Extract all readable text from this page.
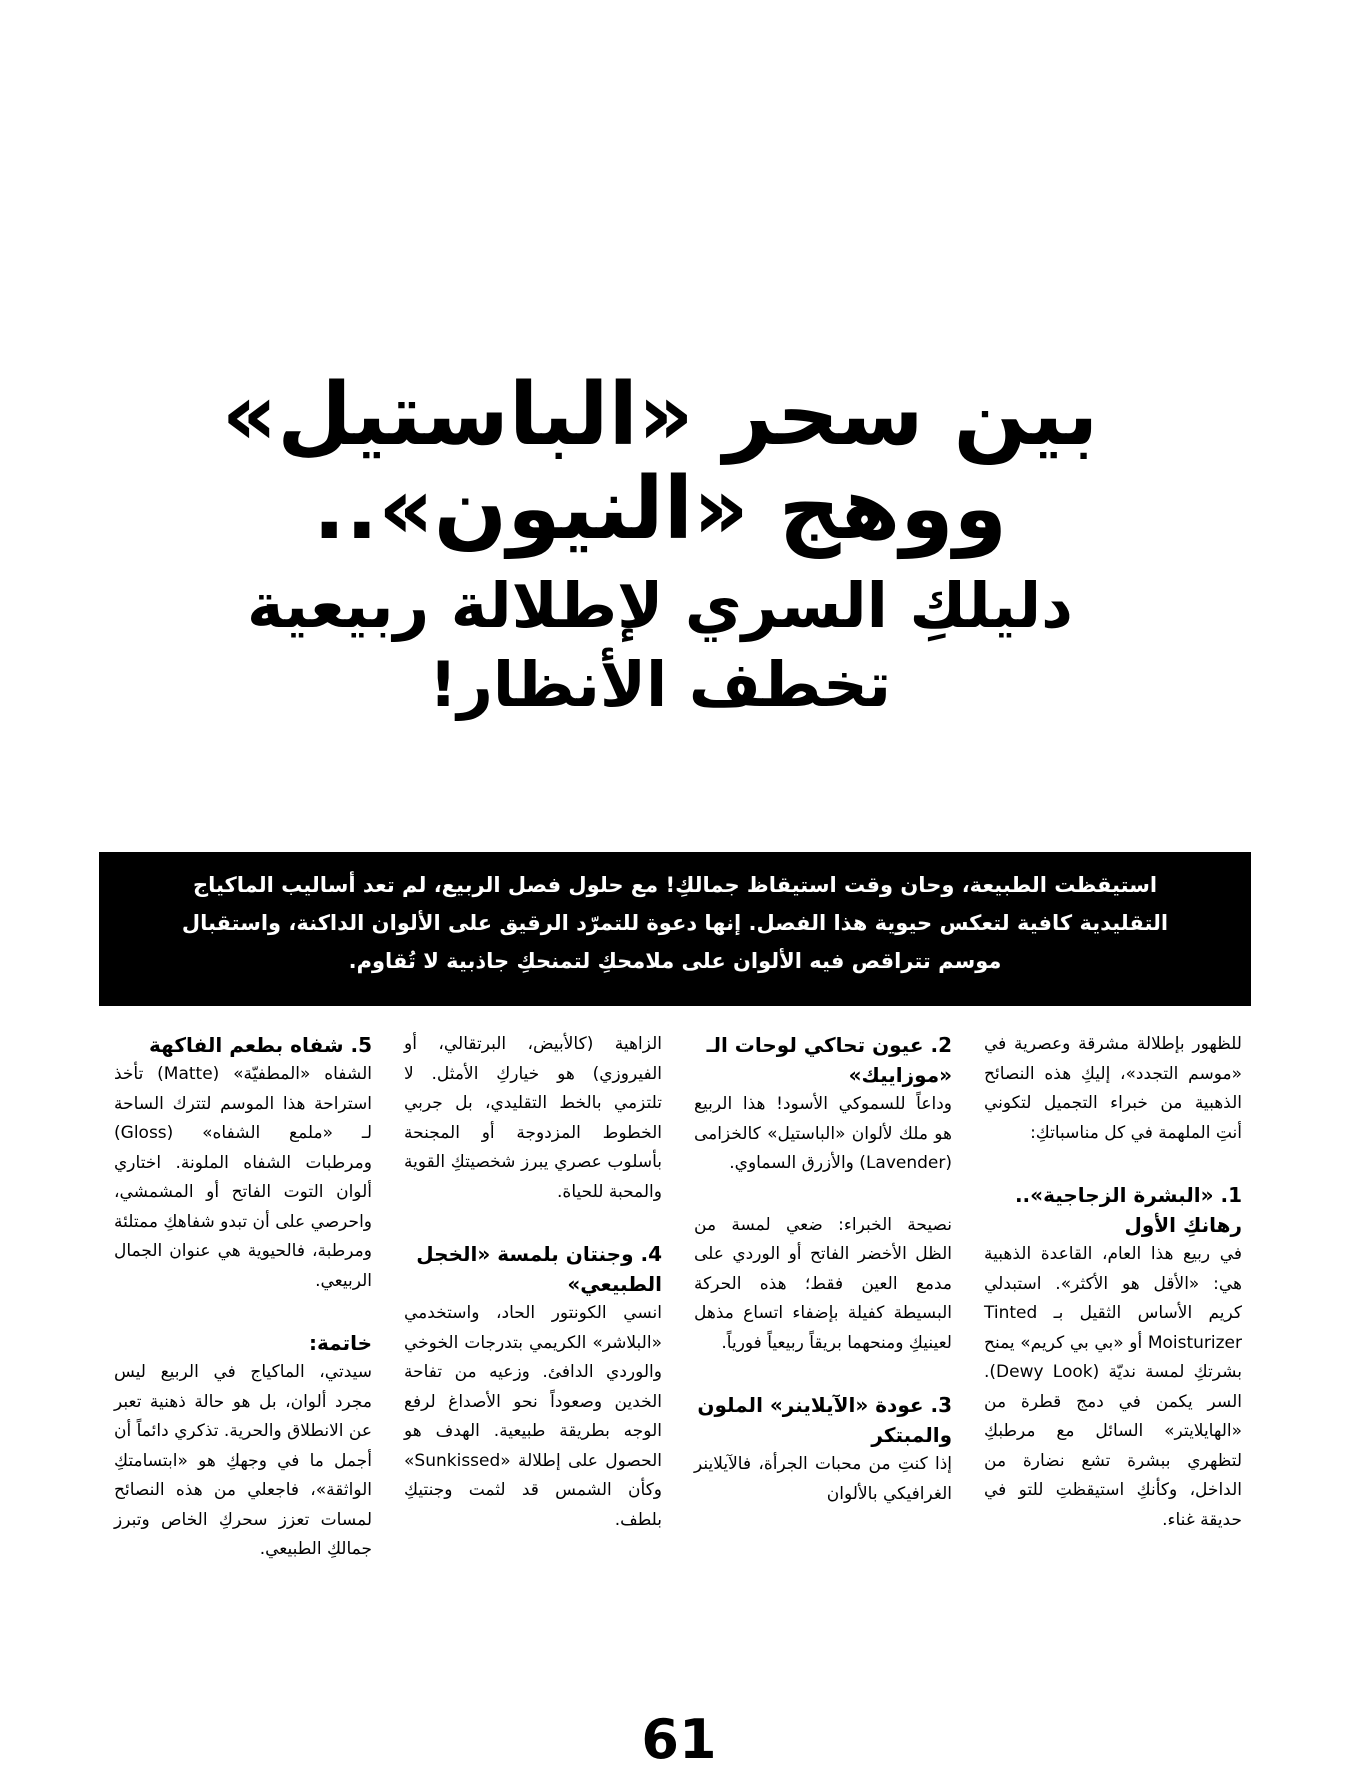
بين سحر «الباستيل»

ووهج «النيون»..

دليلكِ السري لإطلالة ربيعية

تخطف الأنظار!

استيقظت الطبيعة، وحان وقت استيقاظ جمالكِ! مع حلول فصل الربيع، لم تعد أساليب الماكياج التقليدية كافية لتعكس حيوية هذا الفصل. إنها دعوة للتمرّد الرقيق على الألوان الداكنة، واستقبال موسم تتراقص فيه الألوان على ملامحكِ لتمنحكِ جاذبية لا تُقاوم.

للظهور بإطلالة مشرقة وعصرية في «موسم التجدد»، إليكِ هذه النصائح الذهبية من خبراء التجميل لتكوني أنتِ الملهمة في كل مناسباتكِ:

1. «البشرة الزجاجية».. رهانكِ الأول

في ربيع هذا العام، القاعدة الذهبية هي: «الأقل هو الأكثر». استبدلي كريم الأساس الثقيل بـ Tinted Moisturizer أو «بي بي كريم» يمنح بشرتكِ لمسة نديّة (Dewy Look). السر يكمن في دمج قطرة من «الهايلايتر» السائل مع مرطبكِ لتظهري ببشرة تشع نضارة من الداخل، وكأنكِ استيقظتِ للتو في حديقة غناء.

2. عيون تحاكي لوحات الـ «موزاييك»

وداعاً للسموكي الأسود! هذا الربيع هو ملك لألوان «الباستيل» كالخزامى (Lavender) والأزرق السماوي.

نصيحة الخبراء: ضعي لمسة من الظل الأخضر الفاتح أو الوردي على مدمع العين فقط؛ هذه الحركة البسيطة كفيلة بإضفاء اتساع مذهل لعينيكِ ومنحهما بريقاً ربيعياً فورياً.

3. عودة «الآيلاينر» الملون والمبتكر

إذا كنتِ من محبات الجرأة، فالآيلاينر الغرافيكي بالألوان

الزاهية (كالأبيض، البرتقالي، أو الفيروزي) هو خياركِ الأمثل. لا تلتزمي بالخط التقليدي، بل جربي الخطوط المزدوجة أو المجنحة بأسلوب عصري يبرز شخصيتكِ القوية والمحبة للحياة.

4. وجنتان بلمسة «الخجل الطبيعي»

انسي الكونتور الحاد، واستخدمي «البلاشر» الكريمي بتدرجات الخوخي والوردي الدافئ. وزعيه من تفاحة الخدين وصعوداً نحو الأصداغ لرفع الوجه بطريقة طبيعية. الهدف هو الحصول على إطلالة «Sunkissed» وكأن الشمس قد لثمت وجنتيكِ بلطف.

5. شفاه بطعم الفاكهة

الشفاه «المطفيّة» (Matte) تأخذ استراحة هذا الموسم لتترك الساحة لـ «ملمع الشفاه» (Gloss) ومرطبات الشفاه الملونة. اختاري ألوان التوت الفاتح أو المشمشي، واحرصي على أن تبدو شفاهكِ ممتلئة ومرطبة، فالحيوية هي عنوان الجمال الربيعي.

خاتمة:

سيدتي، الماكياج في الربيع ليس مجرد ألوان، بل هو حالة ذهنية تعبر عن الانطلاق والحرية. تذكري دائماً أن أجمل ما في وجهكِ هو «ابتسامتكِ الواثقة»، فاجعلي من هذه النصائح لمسات تعزز سحركِ الخاص وتبرز جمالكِ الطبيعي.

61
